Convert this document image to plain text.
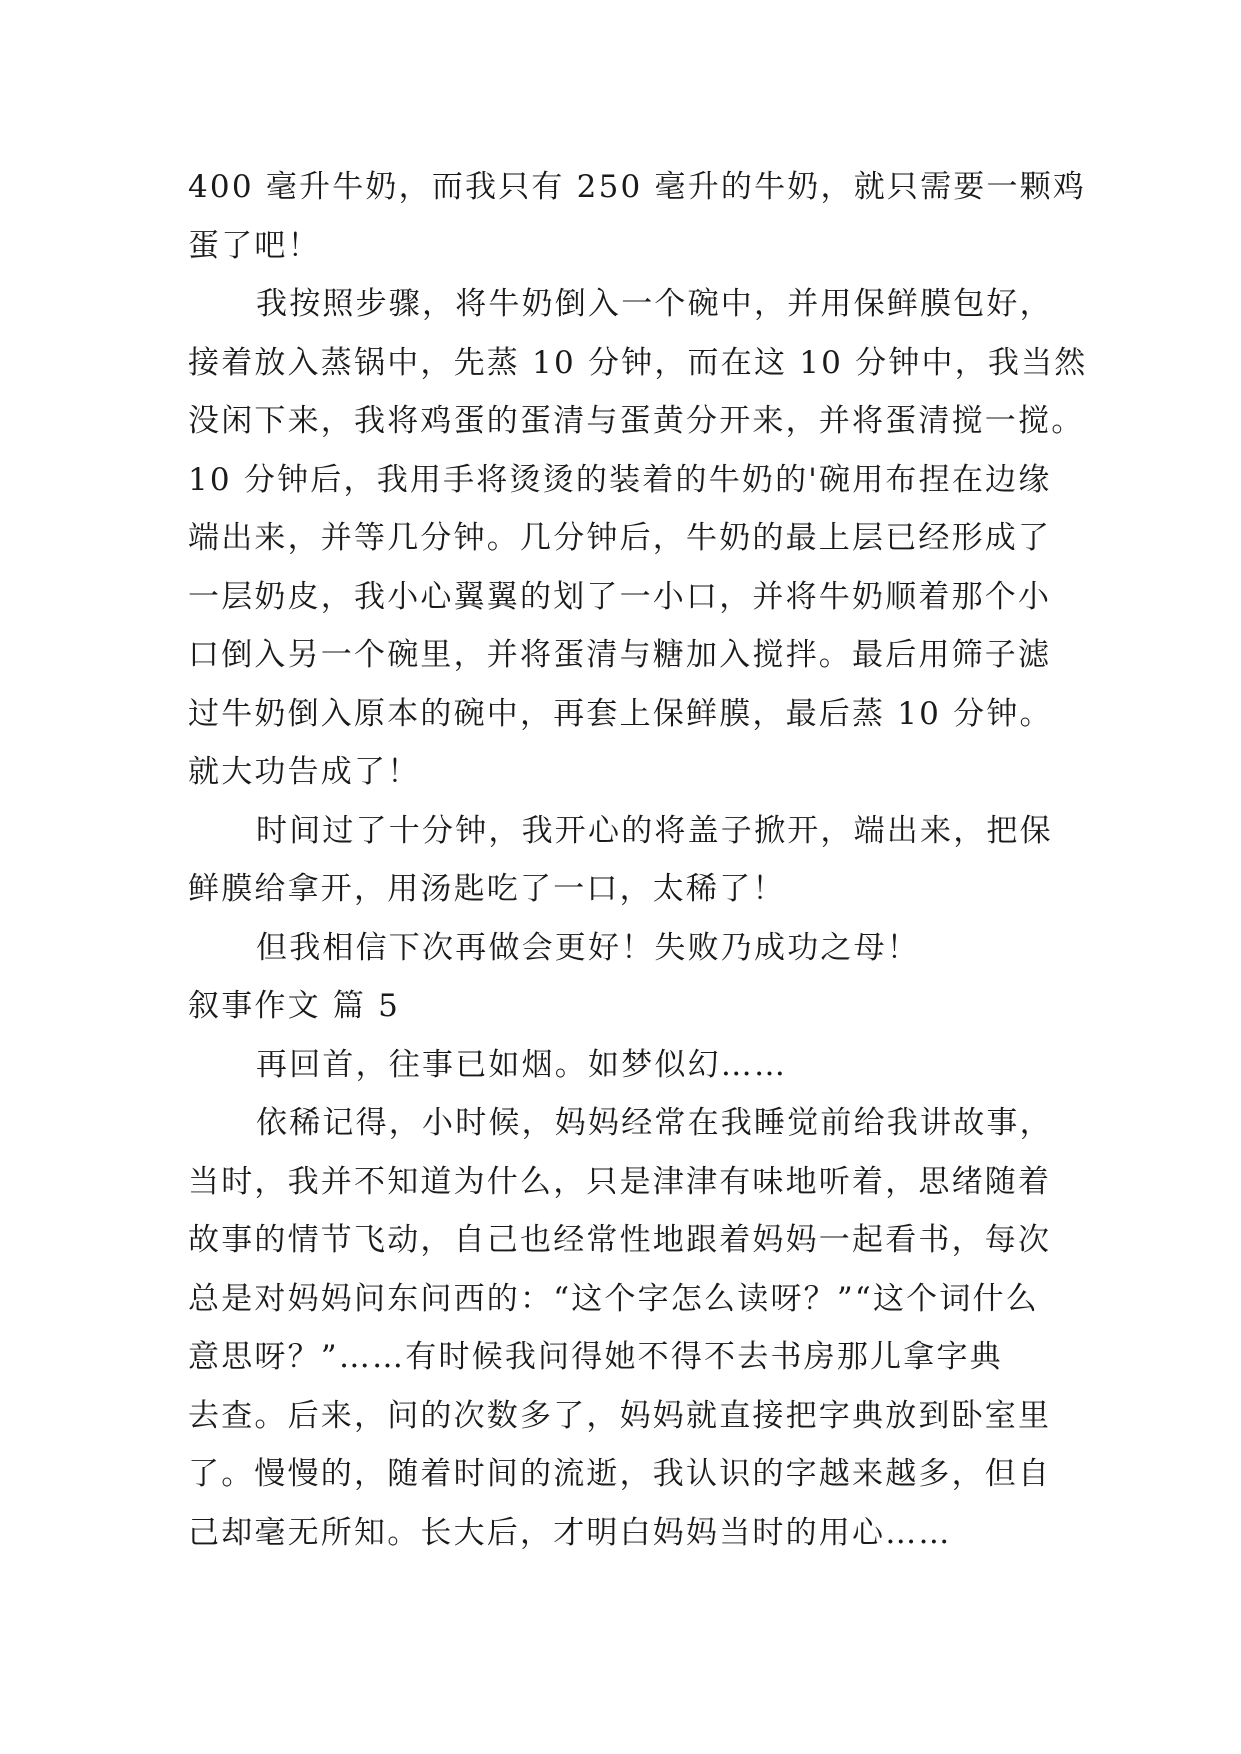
400 毫升牛奶，而我只有 250 毫升的牛奶，就只需要一颗鸡
蛋了吧！
我按照步骤，将牛奶倒入一个碗中，并用保鲜膜包好，
接着放入蒸锅中，先蒸 10 分钟，而在这 10 分钟中，我当然
没闲下来，我将鸡蛋的蛋清与蛋黄分开来，并将蛋清搅一搅。
10 分钟后，我用手将烫烫的装着的牛奶的'碗用布捏在边缘
端出来，并等几分钟。几分钟后，牛奶的最上层已经形成了
一层奶皮，我小心翼翼的划了一小口，并将牛奶顺着那个小
口倒入另一个碗里，并将蛋清与糖加入搅拌。最后用筛子滤
过牛奶倒入原本的碗中，再套上保鲜膜，最后蒸 10 分钟。
就大功告成了！
时间过了十分钟，我开心的将盖子掀开，端出来，把保
鲜膜给拿开，用汤匙吃了一口，太稀了！
但我相信下次再做会更好！失败乃成功之母！
叙事作文 篇 5
再回首，往事已如烟。如梦似幻……
依稀记得，小时候，妈妈经常在我睡觉前给我讲故事，
当时，我并不知道为什么，只是津津有味地听着，思绪随着
故事的情节飞动，自己也经常性地跟着妈妈一起看书，每次
总是对妈妈问东问西的：“这个字怎么读呀？”“这个词什么
意思呀？”……有时候我问得她不得不去书房那儿拿字典
去查。后来，问的次数多了，妈妈就直接把字典放到卧室里
了。慢慢的，随着时间的流逝，我认识的字越来越多，但自
己却毫无所知。长大后，才明白妈妈当时的用心……
